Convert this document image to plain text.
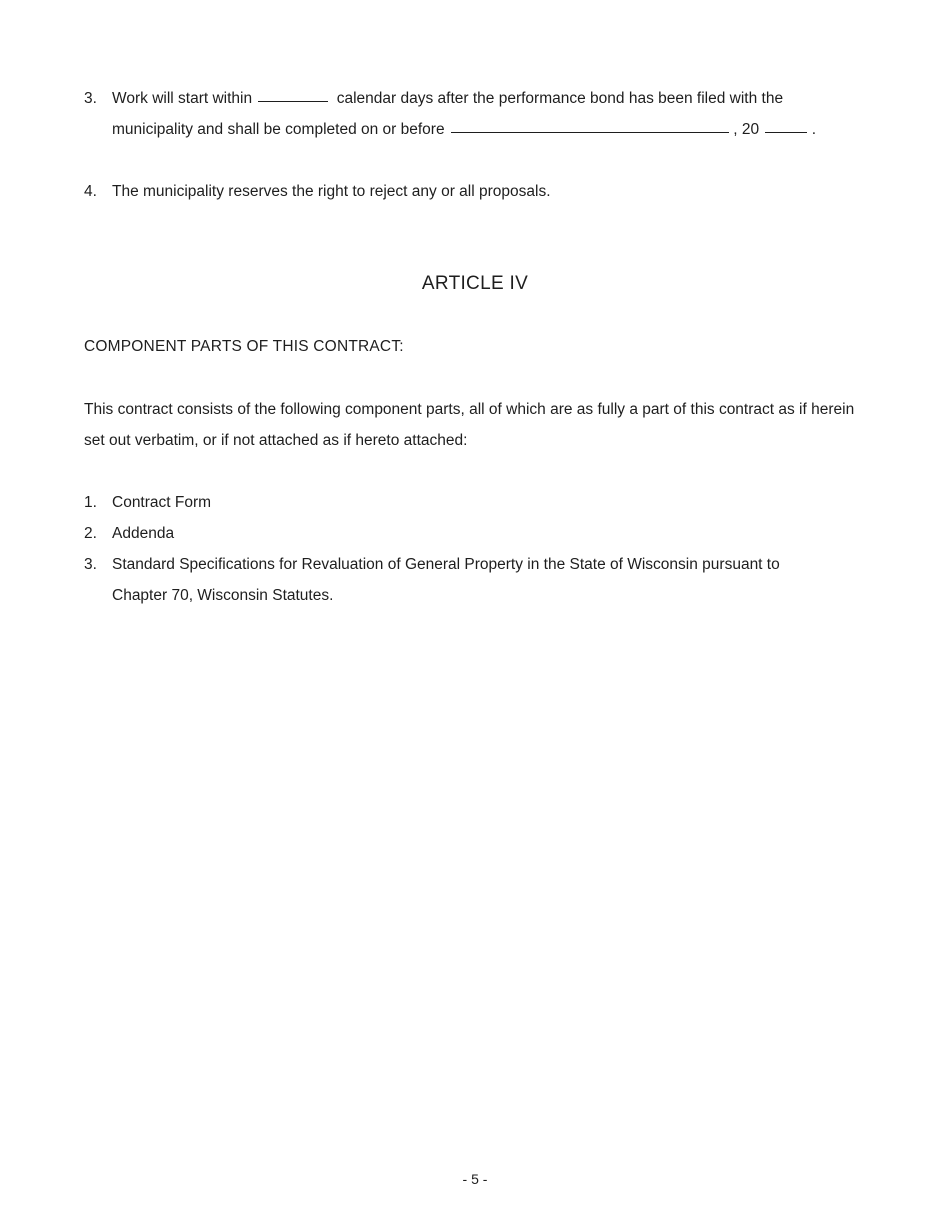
3. Work will start within	calendar days after the performance bond has been filed with the
municipality and shall be completed on or before	, 20	.
4. The municipality reserves the right to reject any or all proposals.
ARTICLE IV
COMPONENT PARTS OF THIS CONTRACT:
This contract consists of the following component parts, all of which are as fully a part of this contract as if herein
set out verbatim, or if not attached as if hereto attached:
1. Contract Form
2. Addenda
3. Standard Specifications for Revaluation of General Property in the State of Wisconsin pursuant to
Chapter 70, Wisconsin Statutes.
- 5 -
